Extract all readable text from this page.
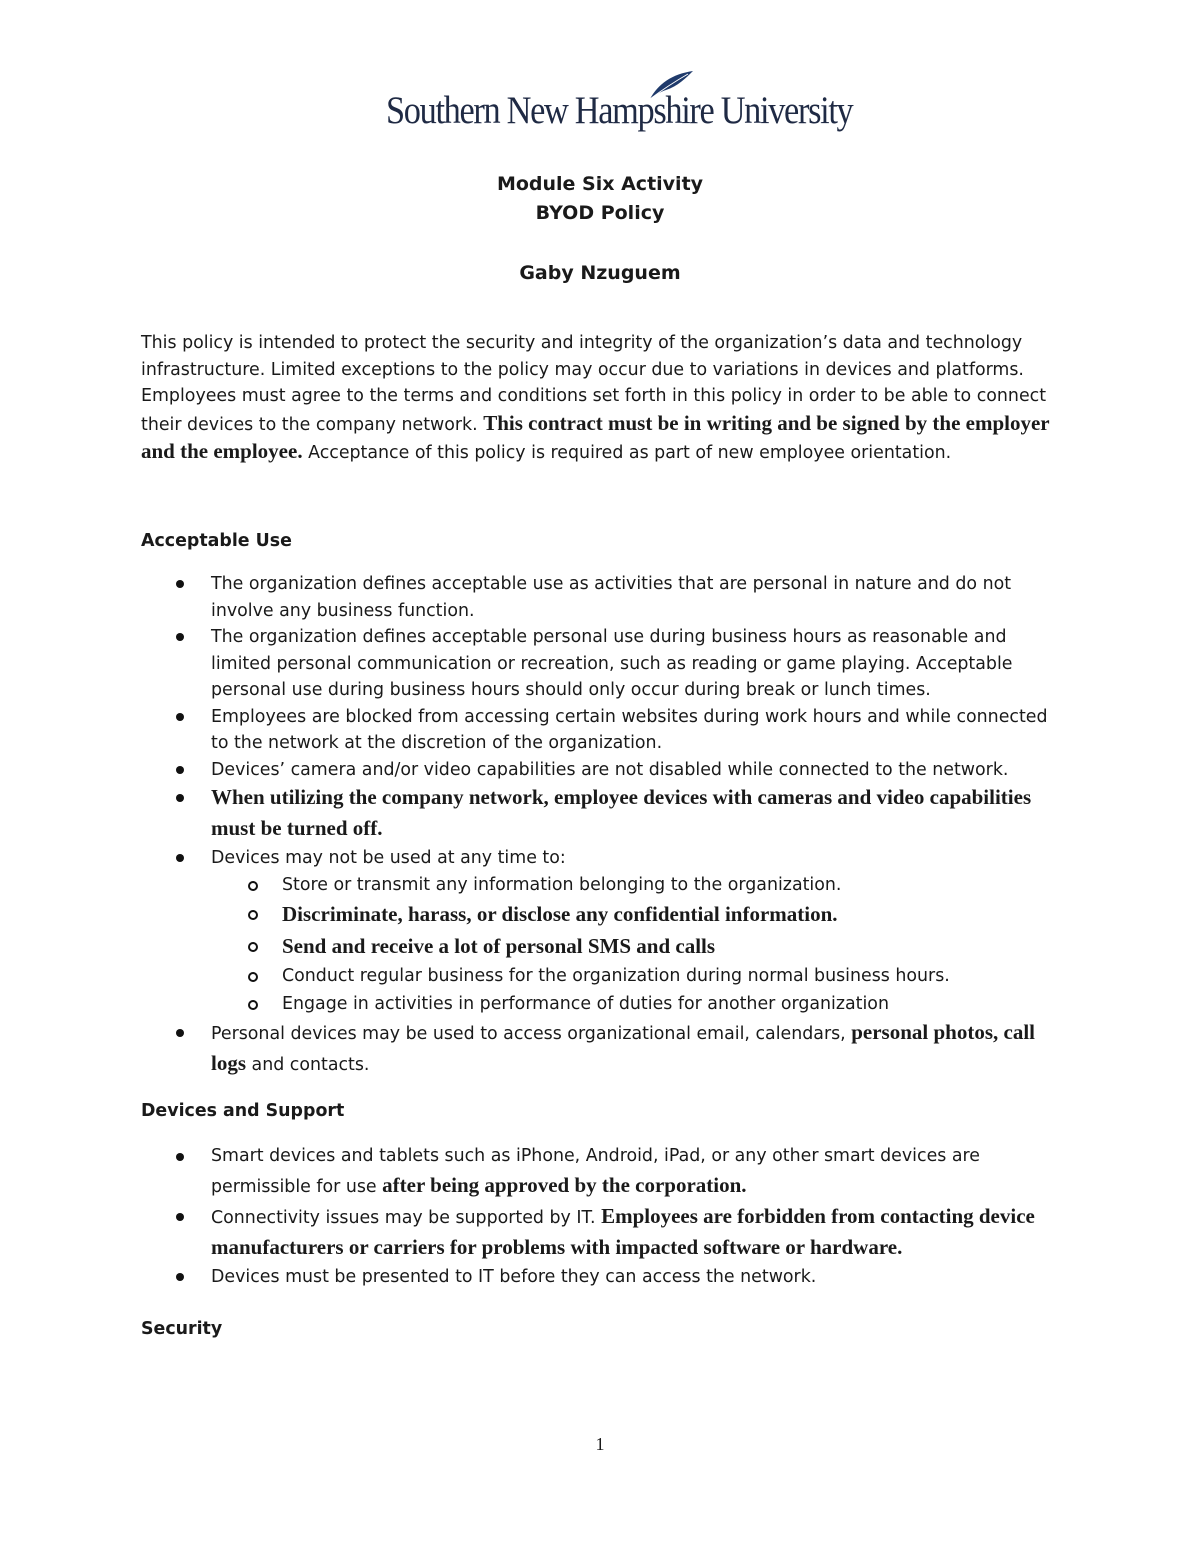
Southern New Hampshire University
Module Six Activity
BYOD Policy
Gaby Nzuguem
This policy is intended to protect the security and integrity of the organization’s data and technology infrastructure. Limited exceptions to the policy may occur due to variations in devices and platforms. Employees must agree to the terms and conditions set forth in this policy in order to be able to connect their devices to the company network. This contract must be in writing and be signed by the employer and the employee. Acceptance of this policy is required as part of new employee orientation.
Acceptable Use
The organization defines acceptable use as activities that are personal in nature and do not involve any business function.
The organization defines acceptable personal use during business hours as reasonable and limited personal communication or recreation, such as reading or game playing. Acceptable personal use during business hours should only occur during break or lunch times.
Employees are blocked from accessing certain websites during work hours and while connected to the network at the discretion of the organization.
Devices’ camera and/or video capabilities are not disabled while connected to the network.
When utilizing the company network, employee devices with cameras and video capabilities must be turned off.
Devices may not be used at any time to:
Store or transmit any information belonging to the organization.
Discriminate, harass, or disclose any confidential information.
Send and receive a lot of personal SMS and calls
Conduct regular business for the organization during normal business hours.
Engage in activities in performance of duties for another organization
Personal devices may be used to access organizational email, calendars, personal photos, call logs and contacts.
Devices and Support
Smart devices and tablets such as iPhone, Android, iPad, or any other smart devices are permissible for use after being approved by the corporation.
Connectivity issues may be supported by IT. Employees are forbidden from contacting device manufacturers or carriers for problems with impacted software or hardware.
Devices must be presented to IT before they can access the network.
Security
1
